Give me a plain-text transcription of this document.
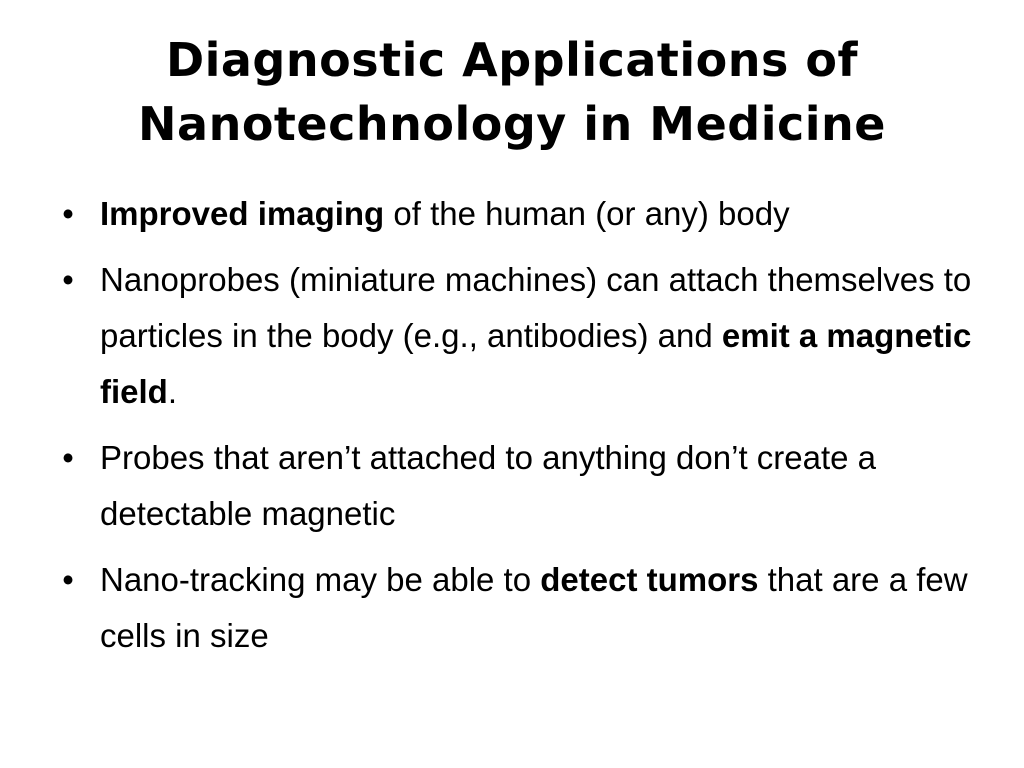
Diagnostic Applications of
Nanotechnology in Medicine
• Improved imaging of the human (or any) body
• Nanoprobes (miniature machines) can attach themselves to particles in the body (e.g., antibodies) and emit a magnetic field.
• Probes that aren’t attached to anything don’t create a detectable magnetic
• Nano-tracking may be able to detect tumors that are a few cells in size
